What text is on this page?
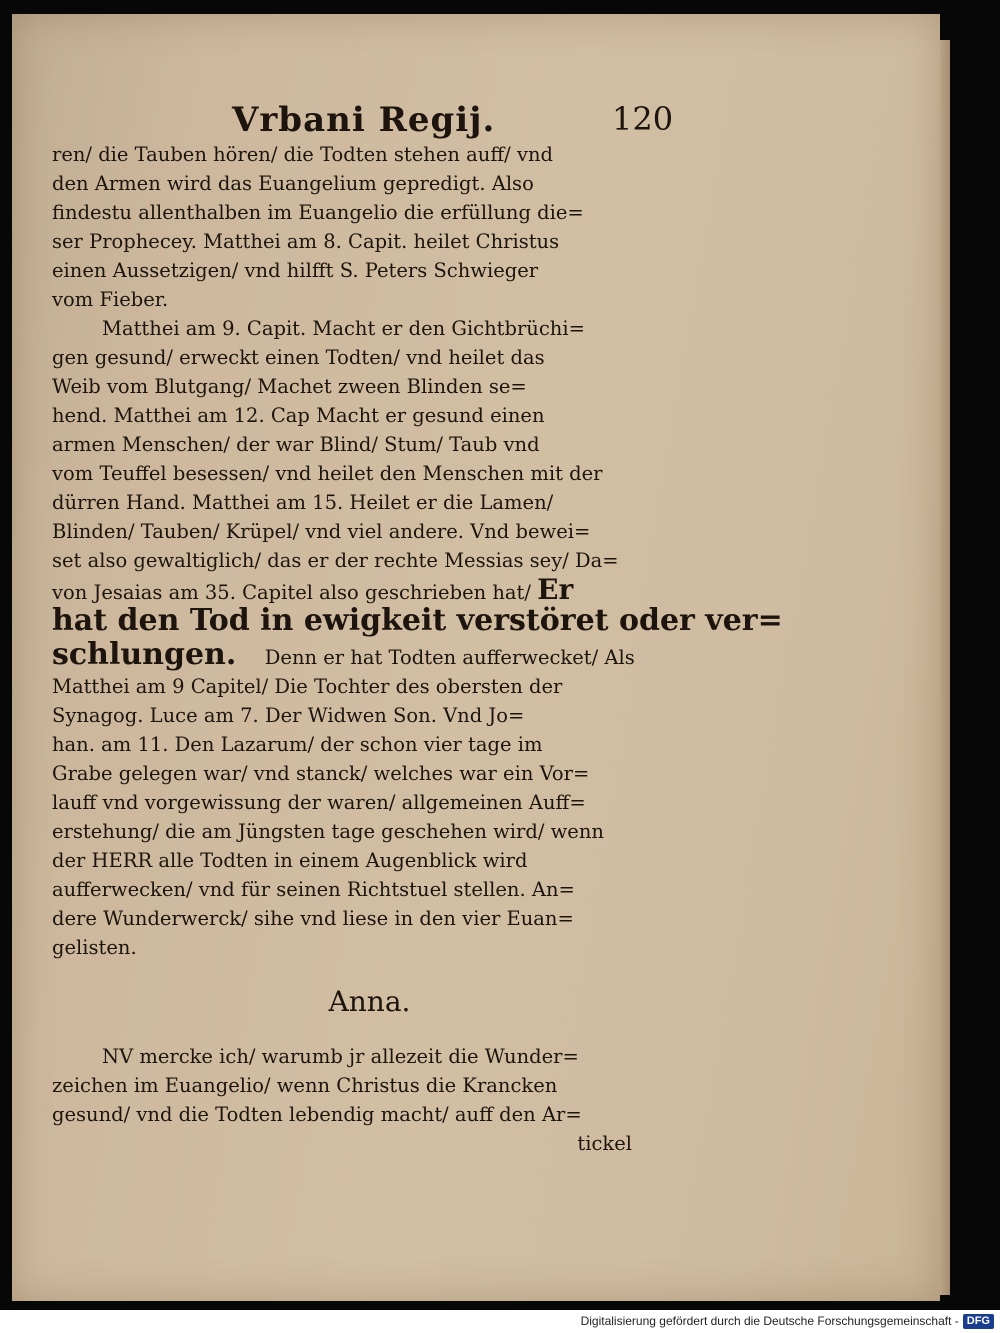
Vrbani Regij.	120
ren/ die Tauben hören/ die Todten stehen auff/ vnd
den Armen wird das Euangelium gepredigt. Also
findestu allenthalben im Euangelio die erfüllung die=
ser Prophecey. Matthei am 8. Capit. heilet Christus
einen Aussetzigen/ vnd hilfft S. Peters Schwieger
vom Fieber.
Matthei am 9. Capit. Macht er den Gichtbrüchi=
gen gesund/ erweckt einen Todten/ vnd heilet das
Weib vom Blutgang/ Machet zween Blinden se=
hend. Matthei am 12. Cap Macht er gesund einen
armen Menschen/ der war Blind/ Stum/ Taub vnd
vom Teuffel besessen/ vnd heilet den Menschen mit der
dürren Hand. Matthei am 15. Heilet er die Lamen/
Blinden/ Tauben/ Krüpel/ vnd viel andere. Vnd bewei=
set also gewaltiglich/ das er der rechte Messias sey/ Da=
von Jesaias am 35. Capitel also geschrieben hat/ Er
hat den Tod in ewigkeit verstöret oder ver=
schlungen. Denn er hat Todten aufferwecket/ Als
Matthei am 9 Capitel/ Die Tochter des obersten der
Synagog. Luce am 7. Der Widwen Son. Vnd Jo=
han. am 11. Den Lazarum/ der schon vier tage im
Grabe gelegen war/ vnd stanck/ welches war ein Vor=
lauff vnd vorgewissung der waren/ allgemeinen Auff=
erstehung/ die am Jüngsten tage geschehen wird/ wenn
der HERR alle Todten in einem Augenblick wird
aufferwecken/ vnd für seinen Richtstuel stellen. An=
dere Wunderwerck/ sihe vnd liese in den vier Euan=
gelisten.
Anna.
NV mercke ich/ warumb jr allezeit die Wunder=
zeichen im Euangelio/ wenn Christus die Krancken
gesund/ vnd die Todten lebendig macht/ auff den Ar=
tickel
Digitalisierung gefördert durch die Deutsche Forschungsgemeinschaft - DFG
